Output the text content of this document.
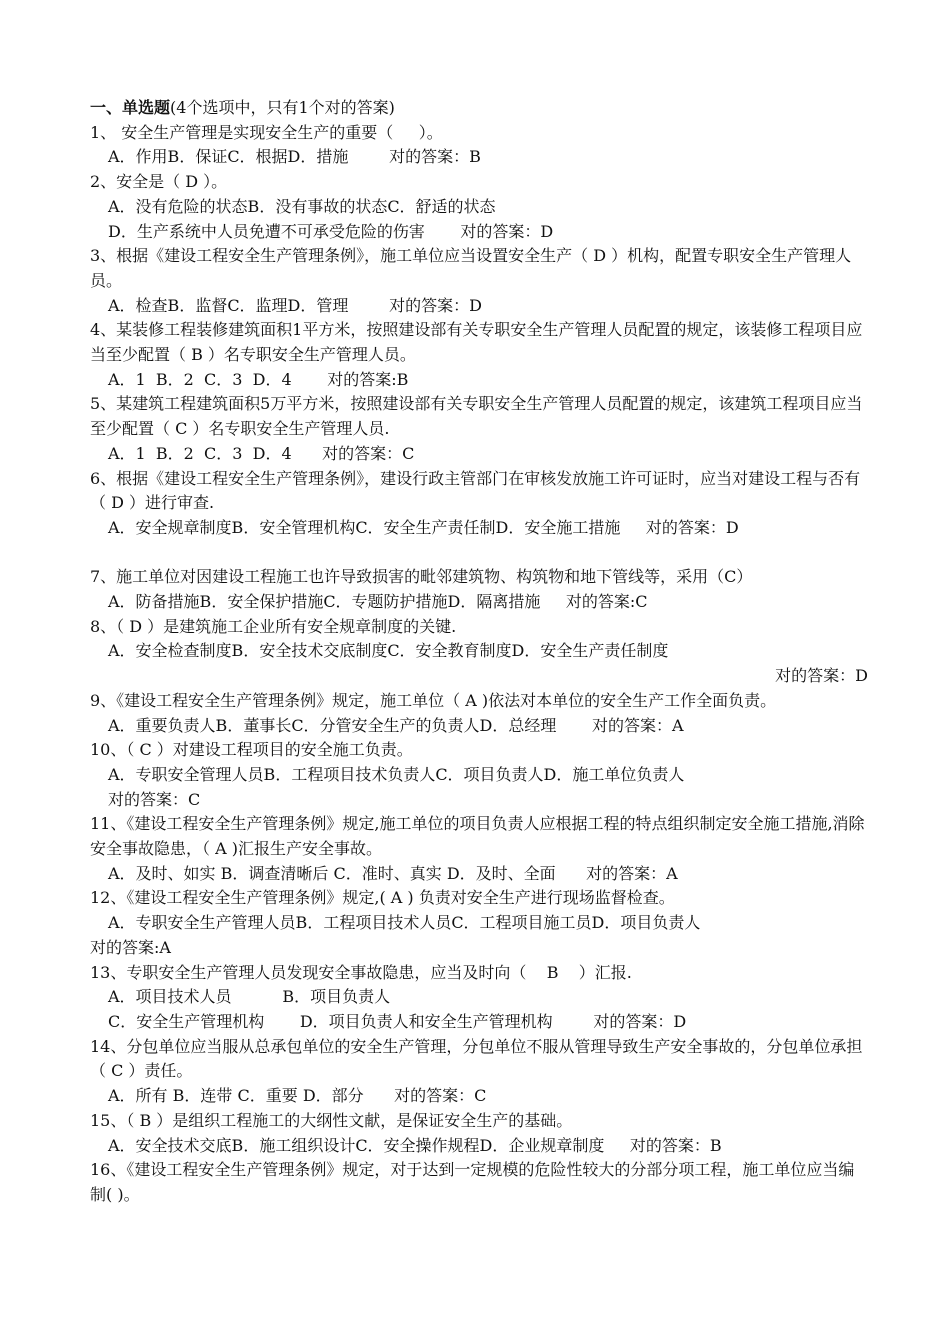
一、单选题(4个选项中，只有1个对的答案)
1、 安全生产管理是实现安全生产的重要（     ）。
A．作用B．保证C．根据D．措施        对的答案：B
2、安全是（ D ）。
A．没有危险的状态B．没有事故的状态C．舒适的状态
D．生产系统中人员免遭不可承受危险的伤害       对的答案：D
3、根据《建设工程安全生产管理条例》，施工单位应当设置安全生产（ D ）机构，配置专职安全生产管理人员。
A．检查B．监督C．监理D．管理        对的答案：D
4、某装修工程装修建筑面积1平方米，按照建设部有关专职安全生产管理人员配置的规定，该装修工程项目应当至少配置（ B ）名专职安全生产管理人员。
A．1  B．2  C．3  D．4       对的答案:B
5、某建筑工程建筑面积5万平方米，按照建设部有关专职安全生产管理人员配置的规定，该建筑工程项目应当至少配置（ C ）名专职安全生产管理人员.
A．1  B．2  C．3  D．4      对的答案：C
6、根据《建设工程安全生产管理条例》，建设行政主管部门在审核发放施工许可证时，应当对建设工程与否有（ D ）进行审查.
A．安全规章制度B．安全管理机构C．安全生产责任制D．安全施工措施     对的答案：D
7、施工单位对因建设工程施工也许导致损害的毗邻建筑物、构筑物和地下管线等，采用（C）
A．防备措施B．安全保护措施C．专题防护措施D．隔离措施     对的答案:C
8、（ D ）是建筑施工企业所有安全规章制度的关键.
A．安全检查制度B．安全技术交底制度C．安全教育制度D．安全生产责任制度
对的答案：D
9、《建设工程安全生产管理条例》规定，施工单位（ A )依法对本单位的安全生产工作全面负责。
A．重要负责人B．董事长C．分管安全生产的负责人D．总经理       对的答案：A
10、（ C ）对建设工程项目的安全施工负责。
A．专职安全管理人员B．工程项目技术负责人C．项目负责人D．施工单位负责人
对的答案：C
11、《建设工程安全生产管理条例》规定,施工单位的项目负责人应根据工程的特点组织制定安全施工措施,消除安全事故隐患，（ A )汇报生产安全事故。
A．及时、如实 B．调查清晰后 C．准时、真实 D．及时、全面      对的答案：A
12、《建设工程安全生产管理条例》规定,( A ) 负责对安全生产进行现场监督检查。
A．专职安全生产管理人员B．工程项目技术人员C．工程项目施工员D．项目负责人
对的答案:A
13、专职安全生产管理人员发现安全事故隐患，应当及时向（    B    ）汇报.
A．项目技术人员          B．项目负责人
C．安全生产管理机构       D．项目负责人和安全生产管理机构        对的答案：D
14、分包单位应当服从总承包单位的安全生产管理，分包单位不服从管理导致生产安全事故的，分包单位承担（ C ）责任。
A．所有 B．连带 C．重要 D．部分      对的答案：C
15、（ B ）是组织工程施工的大纲性文献，是保证安全生产的基础。
A．安全技术交底B．施工组织设计C．安全操作规程D．企业规章制度     对的答案：B
16、《建设工程安全生产管理条例》规定，对于达到一定规模的危险性较大的分部分项工程，施工单位应当编制( )。
